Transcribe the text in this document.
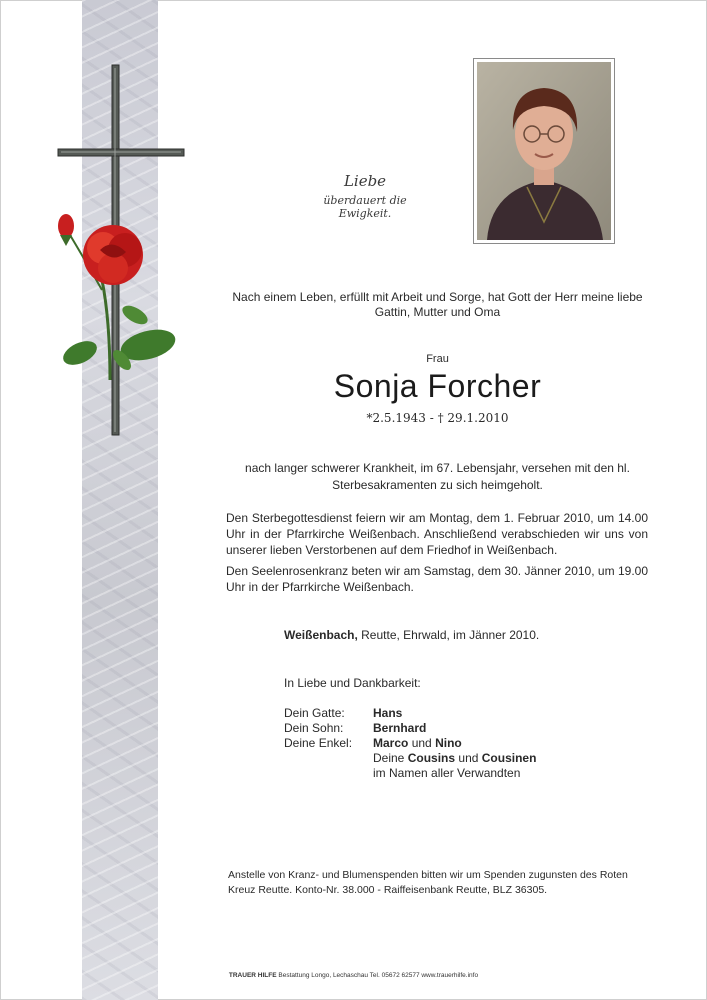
Liebe
überdauert die Ewigkeit.
Nach einem Leben, erfüllt mit Arbeit und Sorge, hat Gott der Herr meine liebe Gattin, Mutter und Oma
Frau
Sonja Forcher
*2.5.1943 - † 29.1.2010
nach langer schwerer Krankheit, im 67. Lebensjahr, versehen mit den hl. Sterbesakramenten zu sich heimgeholt.

Den Sterbegottesdienst feiern wir am Montag, dem 1. Februar 2010, um 14.00 Uhr in der Pfarrkirche Weißenbach. Anschließend verabschieden wir uns von unserer lieben Verstorbenen auf dem Friedhof in Weißenbach.

Den Seelenrosenkranz beten wir am Samstag, dem 30. Jänner 2010, um 19.00 Uhr in der Pfarrkirche Weißenbach.

Weißenbach, Reutte, Ehrwald, im Jänner 2010.
In Liebe und Dankbarkeit:
Dein Gatte:	Hans
Dein Sohn:	Bernhard
Deine Enkel:	Marco und Nino
Deine Cousins und Cousinen
im Namen aller Verwandten
Anstelle von Kranz- und Blumenspenden bitten wir um Spenden zugunsten des Roten Kreuz Reutte. Konto-Nr. 38.000 - Raiffeisenbank Reutte, BLZ 36305.
TRAUER HILFE Bestattung Longo, Lechaschau Tel. 05672 62577 www.trauerhilfe.info
